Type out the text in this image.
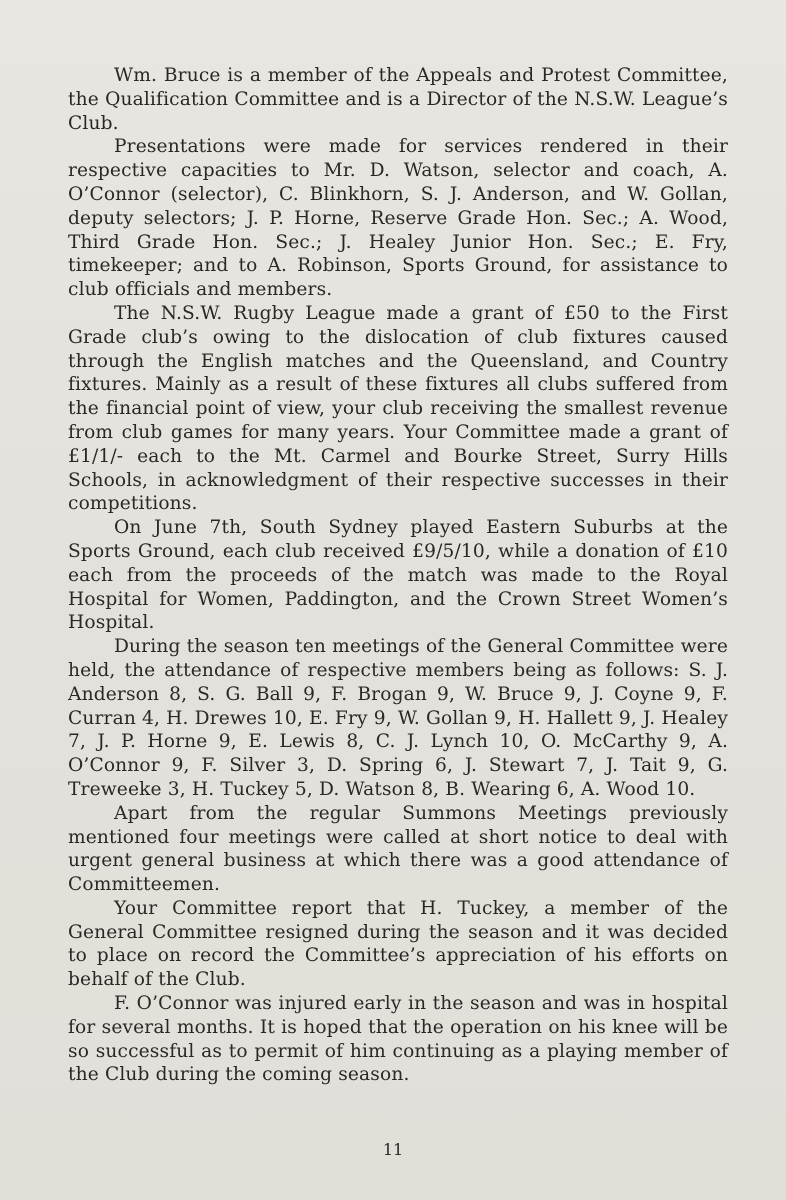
Wm. Bruce is a member of the Appeals and Protest Committee, the Qualification Committee and is a Director of the N.S.W. League’s Club.

Presentations were made for services rendered in their respective capacities to Mr. D. Watson, selector and coach, A. O’Connor (selector), C. Blinkhorn, S. J. Anderson, and W. Gollan, deputy selectors; J. P. Horne, Reserve Grade Hon. Sec.; A. Wood, Third Grade Hon. Sec.; J. Healey Junior Hon. Sec.; E. Fry, timekeeper; and to A. Robinson, Sports Ground, for assistance to club officials and members.

The N.S.W. Rugby League made a grant of £50 to the First Grade club’s owing to the dislocation of club fixtures caused through the English matches and the Queensland, and Country fixtures. Mainly as a result of these fixtures all clubs suffered from the financial point of view, your club receiving the smallest revenue from club games for many years. Your Committee made a grant of £1/1/- each to the Mt. Carmel and Bourke Street, Surry Hills Schools, in acknowledgment of their respective successes in their competitions.

On June 7th, South Sydney played Eastern Suburbs at the Sports Ground, each club received £9/5/10, while a donation of £10 each from the proceeds of the match was made to the Royal Hospital for Women, Paddington, and the Crown Street Women’s Hospital.

During the season ten meetings of the General Committee were held, the attendance of respective members being as follows: S. J. Anderson 8, S. G. Ball 9, F. Brogan 9, W. Bruce 9, J. Coyne 9, F. Curran 4, H. Drewes 10, E. Fry 9, W. Gollan 9, H. Hallett 9, J. Healey 7, J. P. Horne 9, E. Lewis 8, C. J. Lynch 10, O. McCarthy 9, A. O’Connor 9, F. Silver 3, D. Spring 6, J. Stewart 7, J. Tait 9, G. Treweeke 3, H. Tuckey 5, D. Watson 8, B. Wearing 6, A. Wood 10.

Apart from the regular Summons Meetings previously mentioned four meetings were called at short notice to deal with urgent general business at which there was a good attendance of Committeemen.

Your Committee report that H. Tuckey, a member of the General Committee resigned during the season and it was decided to place on record the Committee’s appreciation of his efforts on behalf of the Club.

F. O’Connor was injured early in the season and was in hospital for several months. It is hoped that the operation on his knee will be so successful as to permit of him continuing as a playing member of the Club during the coming season.

11
